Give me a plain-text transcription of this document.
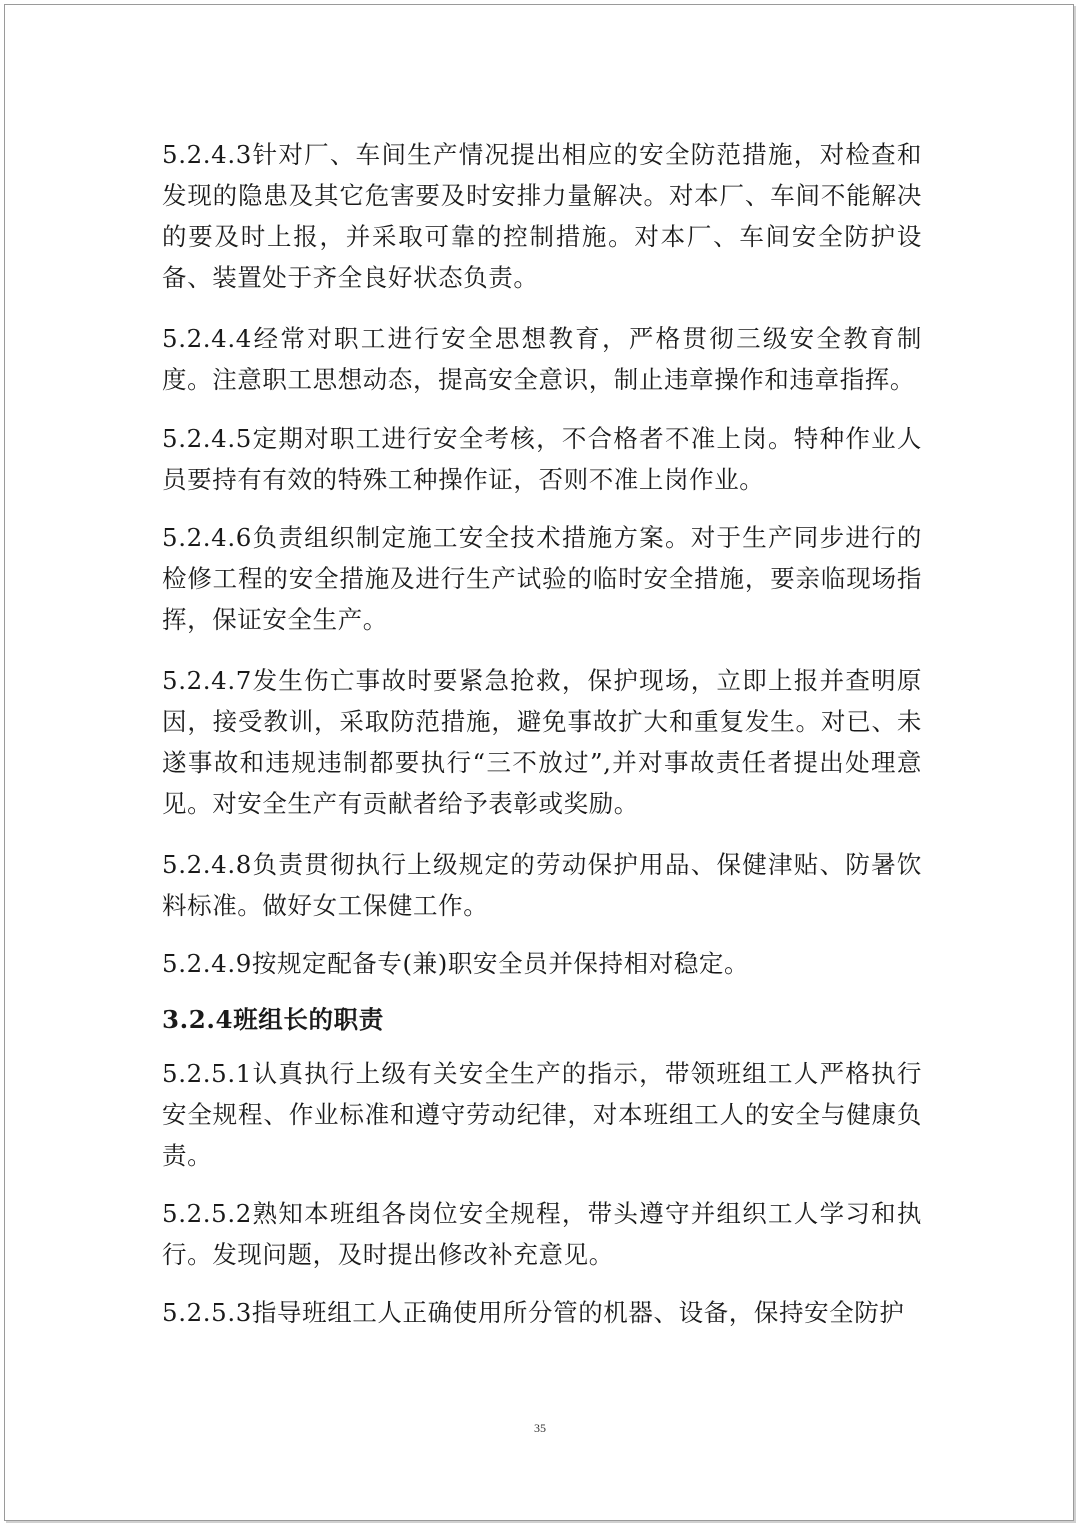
5.2.4.3针对厂、车间生产情况提出相应的安全防范措施，对检查和发现的隐患及其它危害要及时安排力量解决。对本厂、车间不能解决的要及时上报，并采取可靠的控制措施。对本厂、车间安全防护设备、装置处于齐全良好状态负责。

5.2.4.4经常对职工进行安全思想教育，严格贯彻三级安全教育制度。注意职工思想动态，提高安全意识，制止违章操作和违章指挥。

5.2.4.5定期对职工进行安全考核，不合格者不准上岗。特种作业人员要持有有效的特殊工种操作证，否则不准上岗作业。

5.2.4.6负责组织制定施工安全技术措施方案。对于生产同步进行的检修工程的安全措施及进行生产试验的临时安全措施，要亲临现场指挥，保证安全生产。

5.2.4.7发生伤亡事故时要紧急抢救，保护现场，立即上报并查明原因，接受教训，采取防范措施，避免事故扩大和重复发生。对已、未遂事故和违规违制都要执行“三不放过”,并对事故责任者提出处理意见。对安全生产有贡献者给予表彰或奖励。

5.2.4.8负责贯彻执行上级规定的劳动保护用品、保健津贴、防暑饮料标准。做好女工保健工作。

5.2.4.9按规定配备专(兼)职安全员并保持相对稳定。

3.2.4班组长的职责

5.2.5.1认真执行上级有关安全生产的指示，带领班组工人严格执行安全规程、作业标准和遵守劳动纪律，对本班组工人的安全与健康负责。

5.2.5.2熟知本班组各岗位安全规程，带头遵守并组织工人学习和执行。发现问题，及时提出修改补充意见。

5.2.5.3指导班组工人正确使用所分管的机器、设备，保持安全防护

35
